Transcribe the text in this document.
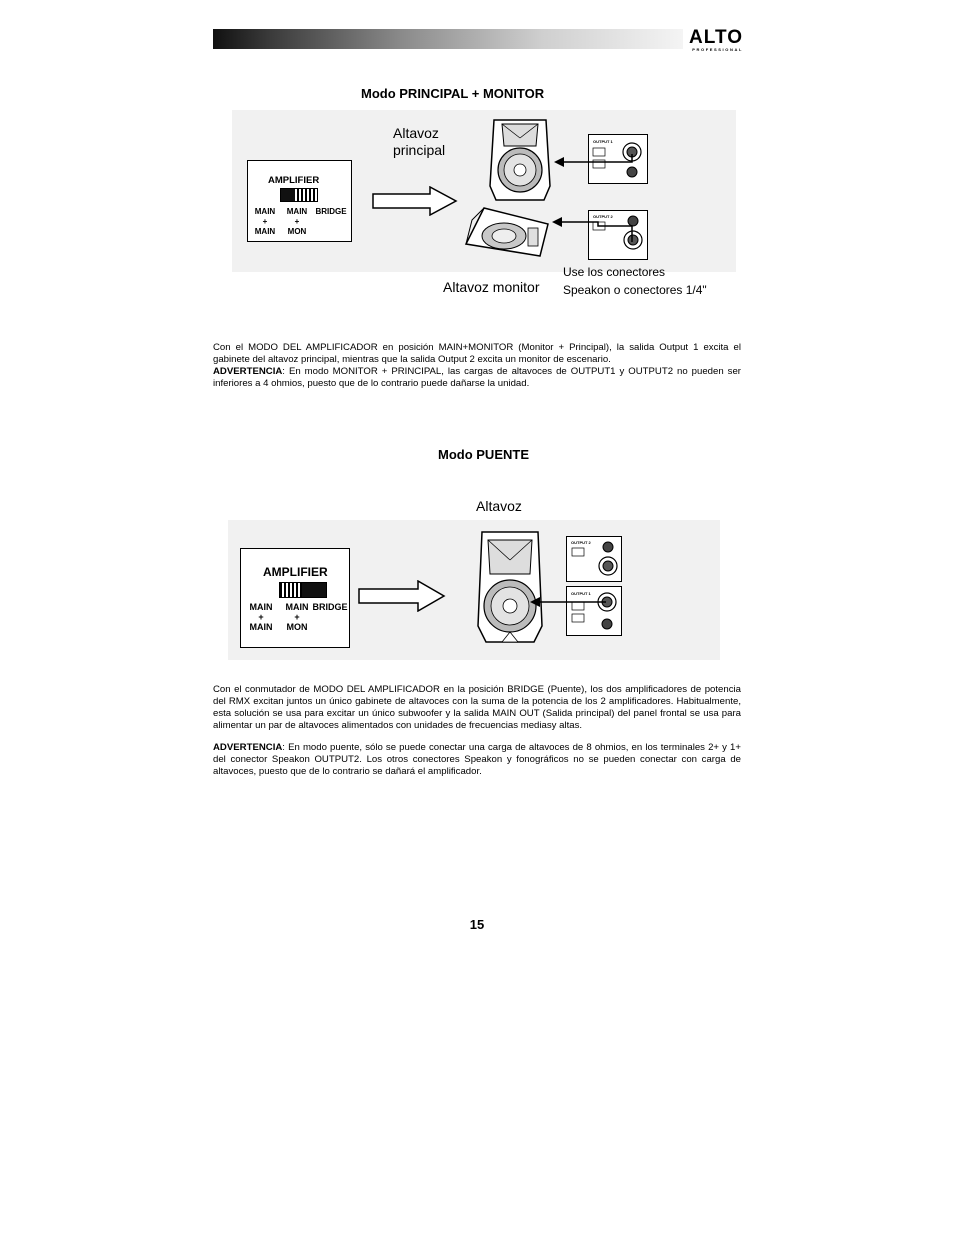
ALTO
PROFESSIONAL
Modo PRINCIPAL + MONITOR
AMPLIFIER
MAIN
+
MAIN
MAIN
+
MON
BRIDGE
Altavoz
principal
Altavoz monitor
OUTPUT 1
OUTPUT 2
Use los conectores
Speakon o conectores 1/4"
Con el MODO DEL AMPLIFICADOR en posición MAIN+MONITOR (Monitor + Principal), la salida Output 1 excita el gabinete del altavoz principal, mientras que la salida Output 2 excita un monitor de escenario.
ADVERTENCIA: En modo MONITOR + PRINCIPAL, las cargas de altavoces de OUTPUT1 y OUTPUT2 no pueden ser inferiores a 4 ohmios, puesto que de lo contrario puede dañarse la unidad.
Modo PUENTE
Altavoz
AMPLIFIER
MAIN
+
MAIN
MAIN
+
MON
BRIDGE
OUTPUT 2
OUTPUT 1
Con el conmutador de MODO DEL AMPLIFICADOR en la posición BRIDGE (Puente), los dos amplificadores de potencia del RMX excitan juntos un único gabinete de altavoces con la suma de la potencia de los 2 amplificadores. Habitualmente, esta solución se usa para excitar un único subwoofer y la salida MAIN OUT (Salida principal) del panel frontal se usa para alimentar un par de altavoces alimentados con unidades de frecuencias mediasy altas.
ADVERTENCIA: En modo puente, sólo se puede conectar una carga de altavoces de 8 ohmios, en los terminales 2+ y 1+ del conector Speakon OUTPUT2. Los otros conectores Speakon y fonográficos no se pueden conectar con carga de altavoces, puesto que de lo contrario se dañará el amplificador.
15
